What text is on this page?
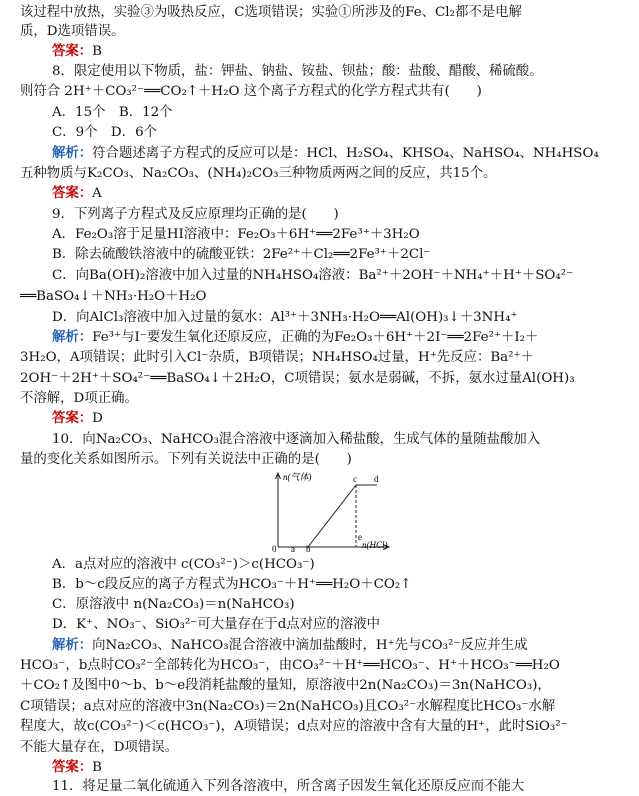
该过程中放热，实验③为吸热反应，C选项错误；实验①所涉及的Fe、Cl₂都不是电解
质，D选项错误。
答案：B
8．限定使用以下物质，盐：钾盐、钠盐、铵盐、钡盐；酸：盐酸、醋酸、稀硫酸。
则符合 2H⁺＋CO₃²⁻══CO₂↑＋H₂O 这个离子方程式的化学方程式共有(　　)
A．15个　B．12个
C．9个　D．6个
解析：符合题述离子方程式的反应可以是：HCl、H₂SO₄、KHSO₄、NaHSO₄、NH₄HSO₄
五种物质与K₂CO₃、Na₂CO₃、(NH₄)₂CO₃三种物质两两之间的反应，共15个。
答案：A
9．下列离子方程式及反应原理均正确的是(　　)
A．Fe₂O₃溶于足量HI溶液中：Fe₂O₃＋6H⁺══2Fe³⁺＋3H₂O
B．除去硫酸铁溶液中的硫酸亚铁：2Fe²⁺＋Cl₂══2Fe³⁺＋2Cl⁻
C．向Ba(OH)₂溶液中加入过量的NH₄HSO₄溶液：Ba²⁺＋2OH⁻＋NH₄⁺＋H⁺＋SO₄²⁻
══BaSO₄↓＋NH₃·H₂O＋H₂O
D．向AlCl₃溶液中加入过量的氨水：Al³⁺＋3NH₃·H₂O══Al(OH)₃↓＋3NH₄⁺
解析：Fe³⁺与I⁻要发生氧化还原反应，正确的为Fe₂O₃＋6H⁺＋2I⁻══2Fe²⁺＋I₂＋
3H₂O，A项错误；此时引入Cl⁻杂质，B项错误；NH₄HSO₄过量，H⁺先反应：Ba²⁺＋
2OH⁻＋2H⁺＋SO₄²⁻══BaSO₄↓＋2H₂O，C项错误；氨水是弱碱，不拆，氨水过量Al(OH)₃
不溶解，D项正确。
答案：D
10．向Na₂CO₃、NaHCO₃混合溶液中逐滴加入稀盐酸，生成气体的量随盐酸加入
量的变化关系如图所示。下列有关说法中正确的是(　　)
A．a点对应的溶液中 c(CO₃²⁻)＞c(HCO₃⁻)
B．b～c段反应的离子方程式为HCO₃⁻＋H⁺══H₂O＋CO₂↑
C．原溶液中 n(Na₂CO₃)＝n(NaHCO₃)
D．K⁺、NO₃⁻、SiO₃²⁻可大量存在于d点对应的溶液中
解析：向Na₂CO₃、NaHCO₃混合溶液中滴加盐酸时，H⁺先与CO₃²⁻反应并生成
HCO₃⁻，b点时CO₃²⁻全部转化为HCO₃⁻，由CO₃²⁻＋H⁺══HCO₃⁻、H⁺＋HCO₃⁻══H₂O
＋CO₂↑及图中0～b、b～e段消耗盐酸的量知，原溶液中2n(Na₂CO₃)＝3n(NaHCO₃)，
C项错误；a点对应的溶液中3n(Na₂CO₃)＝2n(NaHCO₃)且CO₃²⁻水解程度比HCO₃⁻水解
程度大，故c(CO₃²⁻)＜c(HCO₃⁻)，A项错误；d点对应的溶液中含有大量的H⁺，此时SiO₃²⁻
不能大量存在，D项错误。
答案：B
11．将足量二氧化硫通入下列各溶液中，所含离子因发生氧化还原反应而不能大
n(气体)
n(HCl)
0 a b
c d
e
